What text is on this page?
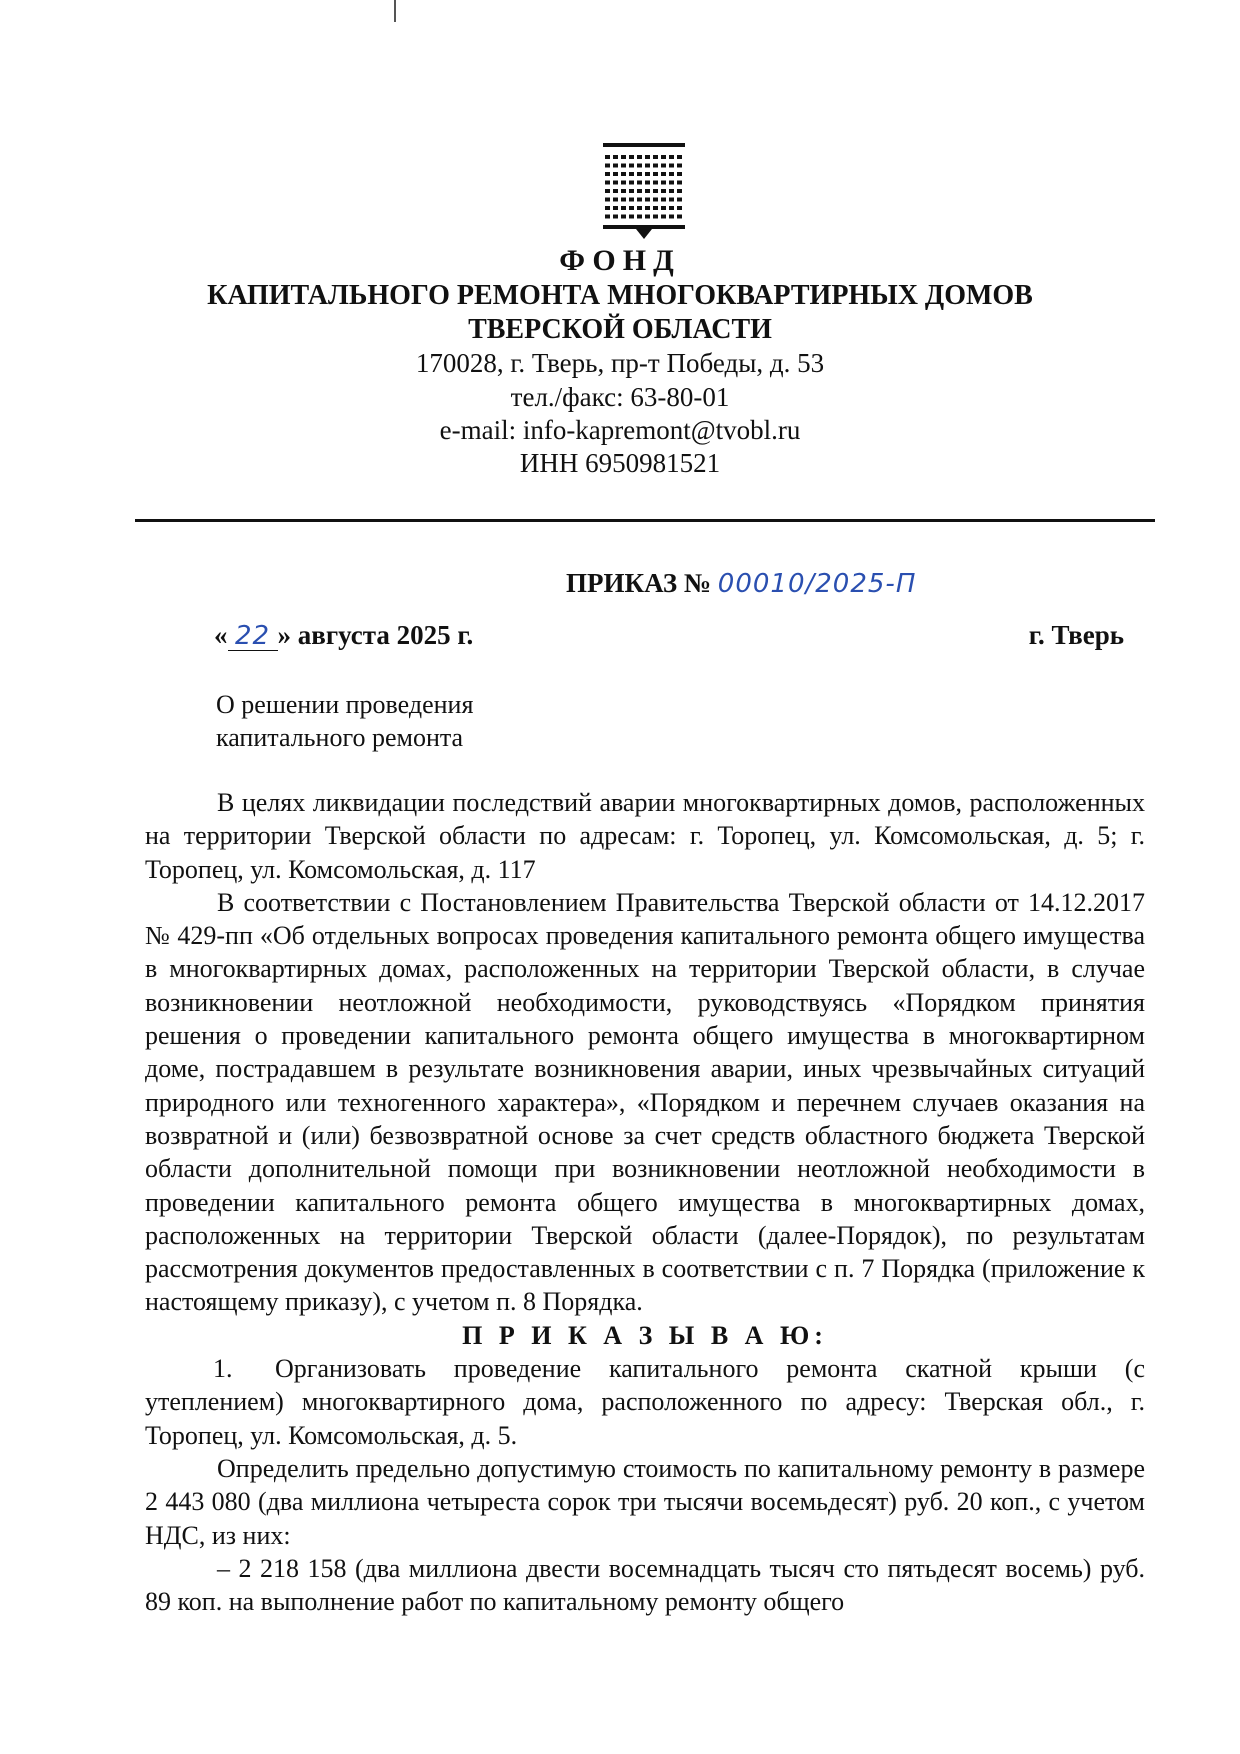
ФОНД
КАПИТАЛЬНОГО РЕМОНТА МНОГОКВАРТИРНЫХ ДОМОВ
ТВЕРСКОЙ ОБЛАСТИ
170028, г. Тверь, пр-т Победы, д. 53
тел./факс: 63-80-01
e-mail: info-kapremont@tvobl.ru
ИНН 6950981521
ПРИКАЗ № 00010/2025-П
« 22 » августа 2025 г.	г. Тверь
О решении проведения
капитального ремонта

В целях ликвидации последствий аварии многоквартирных домов, расположенных на территории Тверской области по адресам: г. Торопец, ул. Комсомольская, д. 5; г. Торопец, ул. Комсомольская, д. 117

В соответствии с Постановлением Правительства Тверской области от 14.12.2017 № 429-пп «Об отдельных вопросах проведения капитального ремонта общего имущества в многоквартирных домах, расположенных на территории Тверской области, в случае возникновении неотложной необходимости, руководствуясь «Порядком принятия решения о проведении капитального ремонта общего имущества в многоквартирном доме, пострадавшем в результате возникновения аварии, иных чрезвычайных ситуаций природного или техногенного характера», «Порядком и перечнем случаев оказания на возвратной и (или) безвозвратной основе за счет средств областного бюджета Тверской области дополнительной помощи при возникновении неотложной необходимости в проведении капитального ремонта общего имущества в многоквартирных домах, расположенных на территории Тверской области (далее-Порядок), по результатам рассмотрения документов предоставленных в соответствии с п. 7 Порядка (приложение к настоящему приказу), с учетом п. 8 Порядка.

П Р И К А З Ы В А Ю:

1. Организовать проведение капитального ремонта скатной крыши (с утеплением) многоквартирного дома, расположенного по адресу: Тверская обл., г. Торопец, ул. Комсомольская, д. 5.

Определить предельно допустимую стоимость по капитальному ремонту в размере 2 443 080 (два миллиона четыреста сорок три тысячи восемьдесят) руб. 20 коп., с учетом НДС, из них:

– 2 218 158 (два миллиона двести восемнадцать тысяч сто пятьдесят восемь) руб. 89 коп. на выполнение работ по капитальному ремонту общего
